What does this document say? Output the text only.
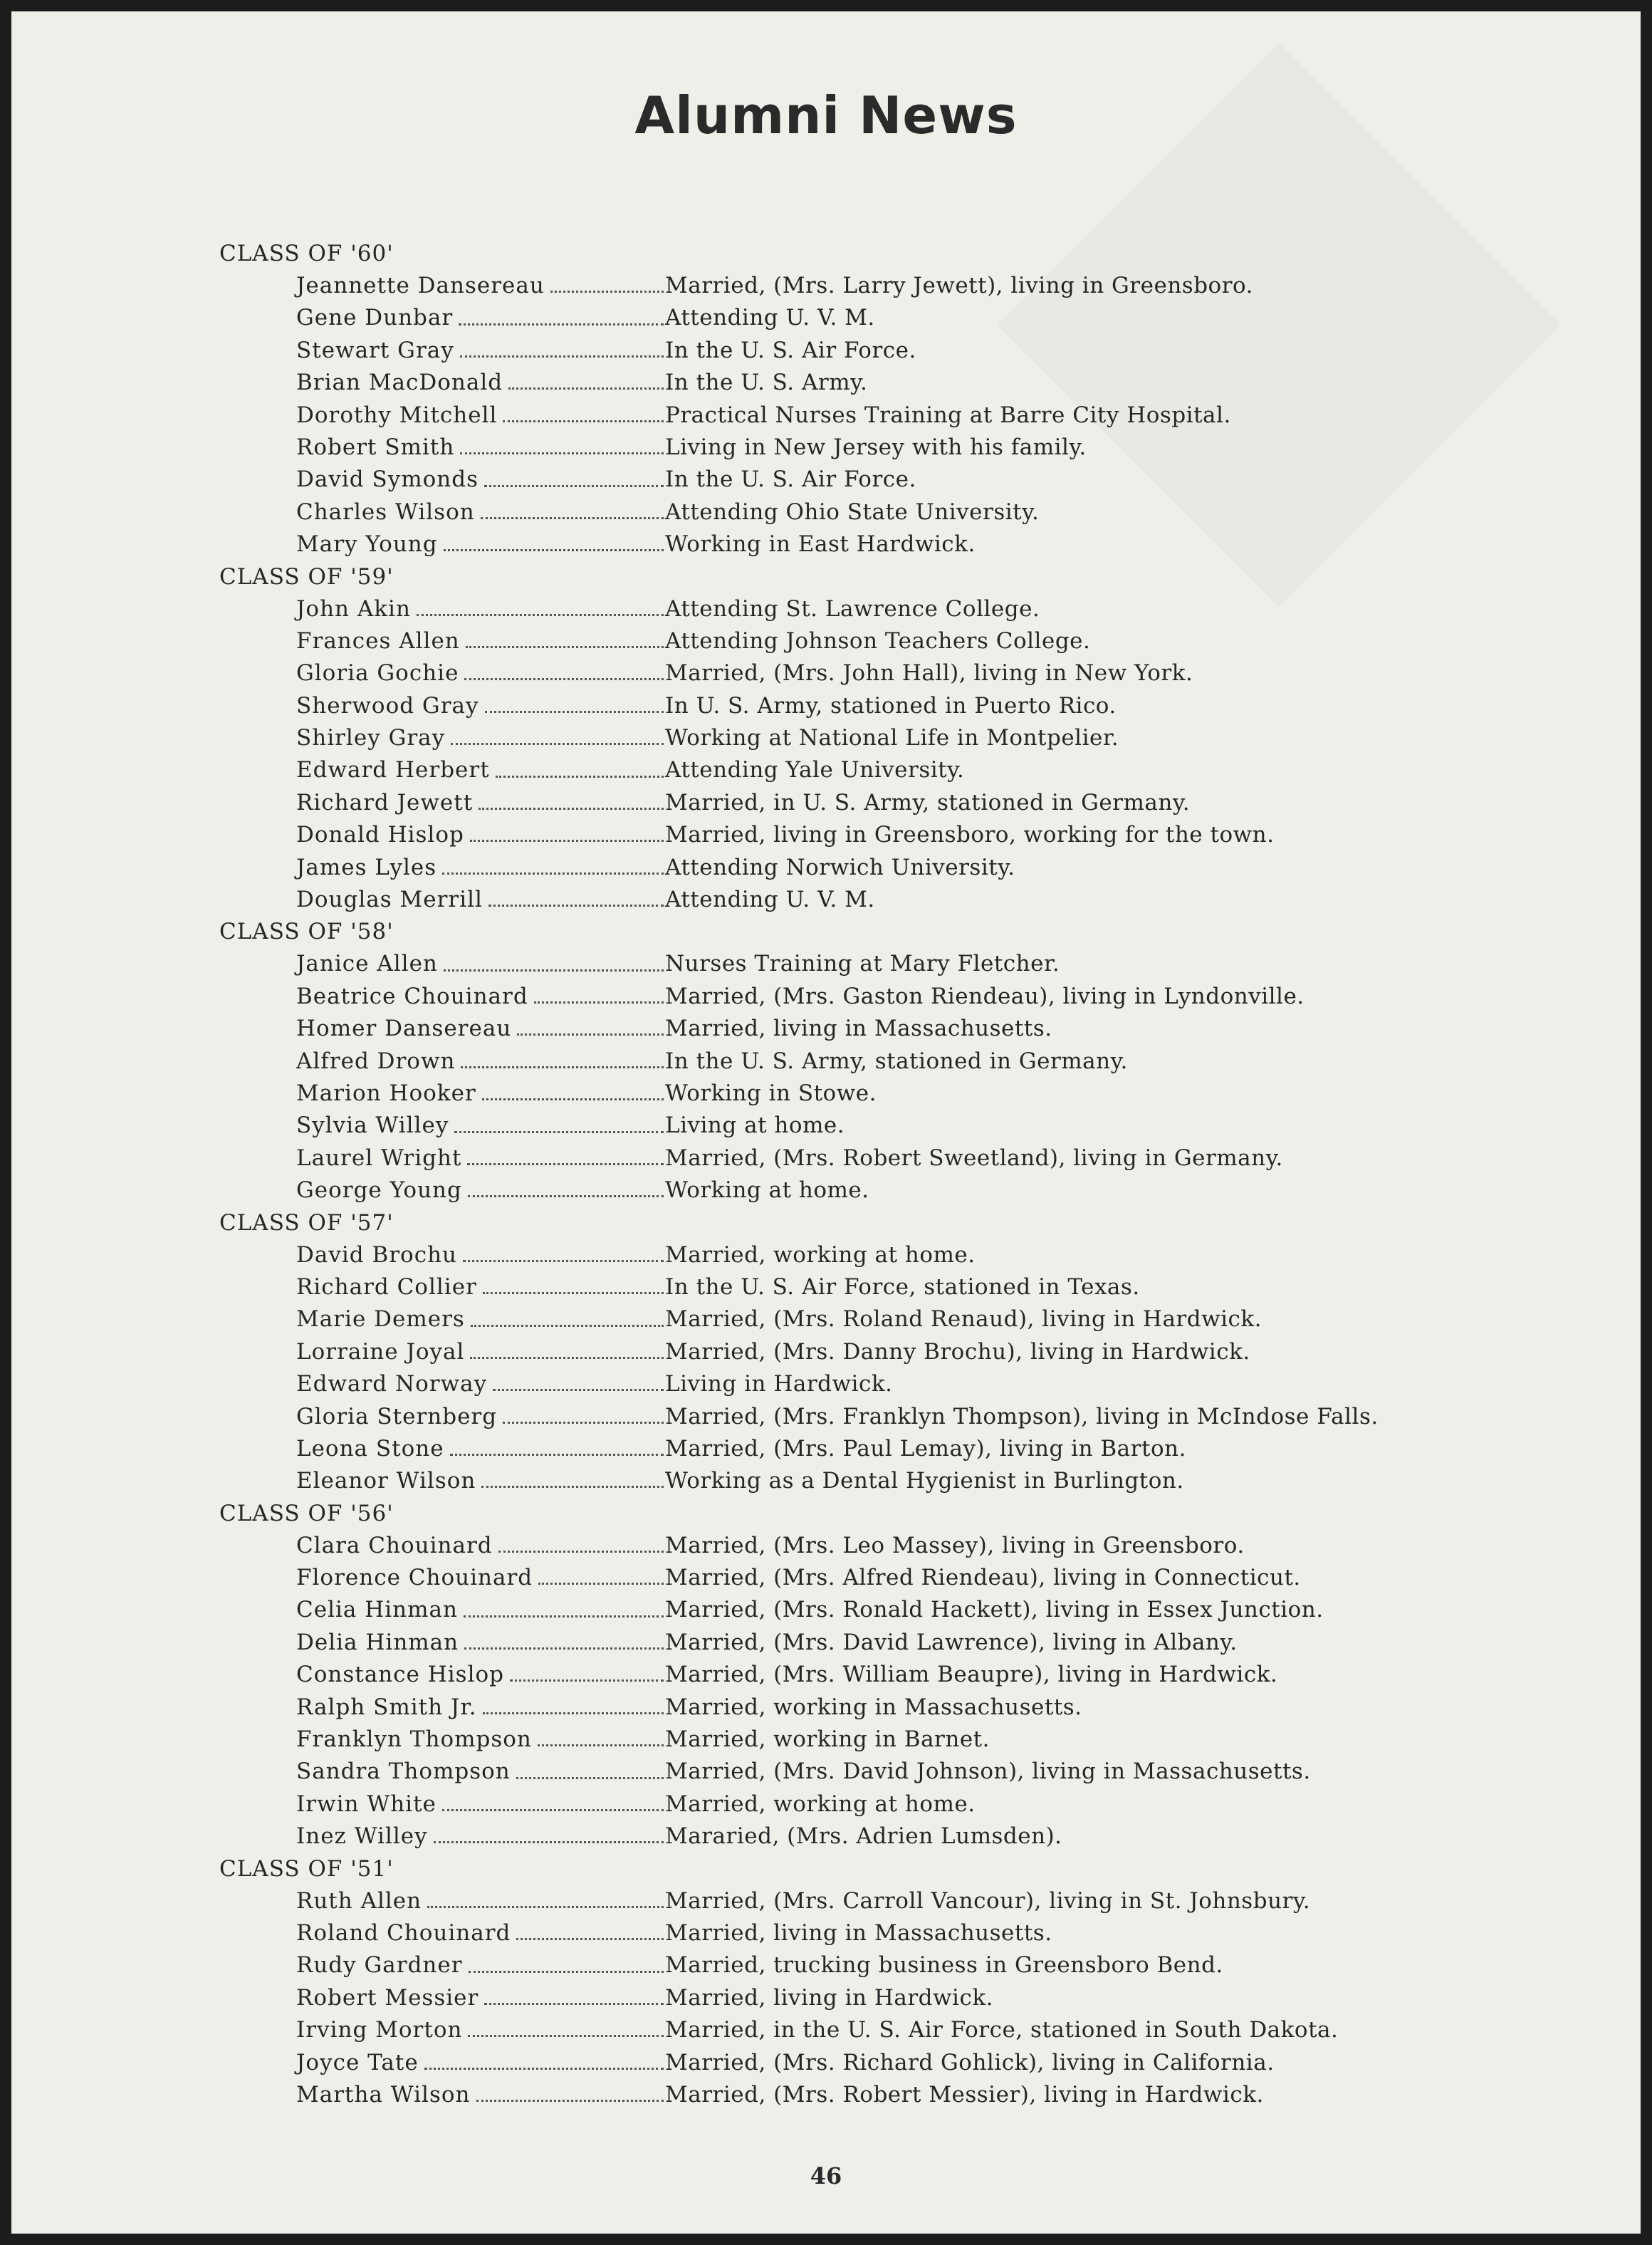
Alumni News
CLASS OF '60'
Jeannette Dansereau	Married, (Mrs. Larry Jewett), living in Greensboro.
Gene Dunbar	Attending U. V. M.
Stewart Gray	In the U. S. Air Force.
Brian MacDonald	In the U. S. Army.
Dorothy Mitchell	Practical Nurses Training at Barre City Hospital.
Robert Smith	Living in New Jersey with his family.
David Symonds	In the U. S. Air Force.
Charles Wilson	Attending Ohio State University.
Mary Young	Working in East Hardwick.
CLASS OF '59'
John Akin	Attending St. Lawrence College.
Frances Allen	Attending Johnson Teachers College.
Gloria Gochie	Married, (Mrs. John Hall), living in New York.
Sherwood Gray	In U. S. Army, stationed in Puerto Rico.
Shirley Gray	Working at National Life in Montpelier.
Edward Herbert	Attending Yale University.
Richard Jewett	Married, in U. S. Army, stationed in Germany.
Donald Hislop	Married, living in Greensboro, working for the town.
James Lyles	Attending Norwich University.
Douglas Merrill	Attending U. V. M.
CLASS OF '58'
Janice Allen	Nurses Training at Mary Fletcher.
Beatrice Chouinard	Married, (Mrs. Gaston Riendeau), living in Lyndonville.
Homer Dansereau	Married, living in Massachusetts.
Alfred Drown	In the U. S. Army, stationed in Germany.
Marion Hooker	Working in Stowe.
Sylvia Willey	Living at home.
Laurel Wright	Married, (Mrs. Robert Sweetland), living in Germany.
George Young	Working at home.
CLASS OF '57'
David Brochu	Married, working at home.
Richard Collier	In the U. S. Air Force, stationed in Texas.
Marie Demers	Married, (Mrs. Roland Renaud), living in Hardwick.
Lorraine Joyal	Married, (Mrs. Danny Brochu), living in Hardwick.
Edward Norway	Living in Hardwick.
Gloria Sternberg	Married, (Mrs. Franklyn Thompson), living in McIndose Falls.
Leona Stone	Married, (Mrs. Paul Lemay), living in Barton.
Eleanor Wilson	Working as a Dental Hygienist in Burlington.
CLASS OF '56'
Clara Chouinard	Married, (Mrs. Leo Massey), living in Greensboro.
Florence Chouinard	Married, (Mrs. Alfred Riendeau), living in Connecticut.
Celia Hinman	Married, (Mrs. Ronald Hackett), living in Essex Junction.
Delia Hinman	Married, (Mrs. David Lawrence), living in Albany.
Constance Hislop	Married, (Mrs. William Beaupre), living in Hardwick.
Ralph Smith Jr.	Married, working in Massachusetts.
Franklyn Thompson	Married, working in Barnet.
Sandra Thompson	Married, (Mrs. David Johnson), living in Massachusetts.
Irwin White	Married, working at home.
Inez Willey	Mararied, (Mrs. Adrien Lumsden).
CLASS OF '51'
Ruth Allen	Married, (Mrs. Carroll Vancour), living in St. Johnsbury.
Roland Chouinard	Married, living in Massachusetts.
Rudy Gardner	Married, trucking business in Greensboro Bend.
Robert Messier	Married, living in Hardwick.
Irving Morton	Married, in the U. S. Air Force, stationed in South Dakota.
Joyce Tate	Married, (Mrs. Richard Gohlick), living in California.
Martha Wilson	Married, (Mrs. Robert Messier), living in Hardwick.
46
